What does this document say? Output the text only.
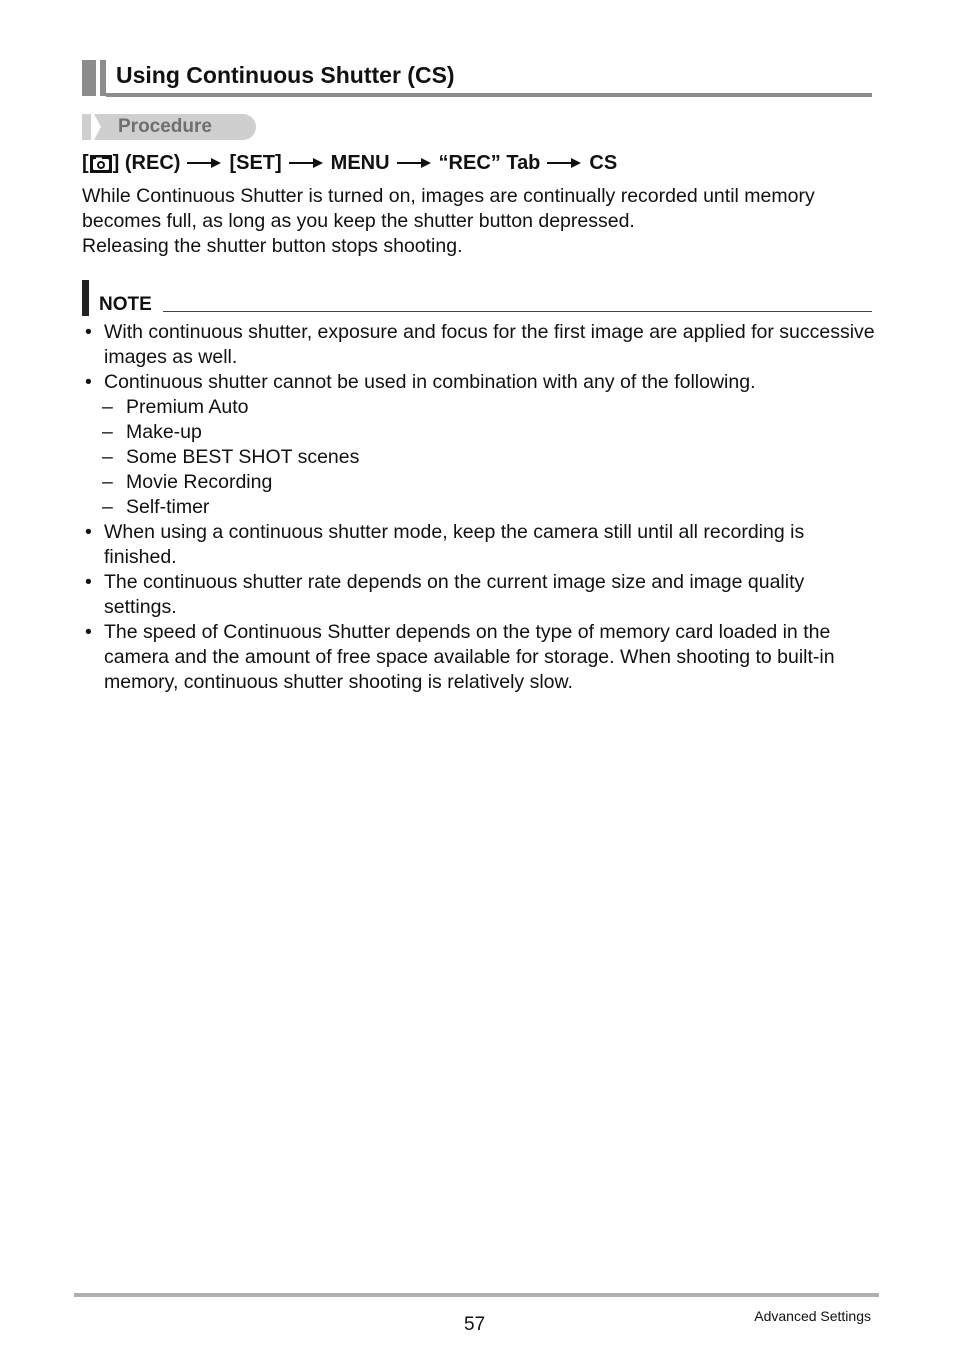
Using Continuous Shutter (CS)
Procedure
[ ] (REC) [SET] MENU “REC” Tab CS

While Continuous Shutter is turned on, images are continually recorded until memory becomes full, as long as you keep the shutter button depressed.

Releasing the shutter button stops shooting.

NOTE
• With continuous shutter, exposure and focus for the first image are applied for successive images as well.
• Continuous shutter cannot be used in combination with any of the following.
– Premium Auto
– Make-up
– Some BEST SHOT scenes
– Movie Recording
– Self-timer
• When using a continuous shutter mode, keep the camera still until all recording is finished.
• The continuous shutter rate depends on the current image size and image quality settings.
• The speed of Continuous Shutter depends on the type of memory card loaded in the camera and the amount of free space available for storage. When shooting to built-in memory, continuous shutter shooting is relatively slow.
57	Advanced Settings
